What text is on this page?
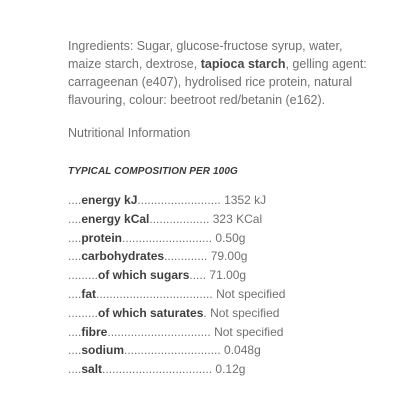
Ingredients: Sugar, glucose-fructose syrup, water, maize starch, dextrose, tapioca starch, gelling agent: carrageenan (e407), hydrolised rice protein, natural flavouring, colour: beetroot red/betanin (e162).

Nutritional Information
TYPICAL COMPOSITION PER 100G
....energy kJ......................... 1352 kJ
....energy kCal.................. 323 KCal
....protein........................... 0.50g
....carbohydrates............. 79.00g
.........of which sugars..... 71.00g
....fat................................... Not specified
.........of which saturates. Not specified
....fibre............................... Not specified
....sodium............................. 0.048g
....salt................................. 0.12g
